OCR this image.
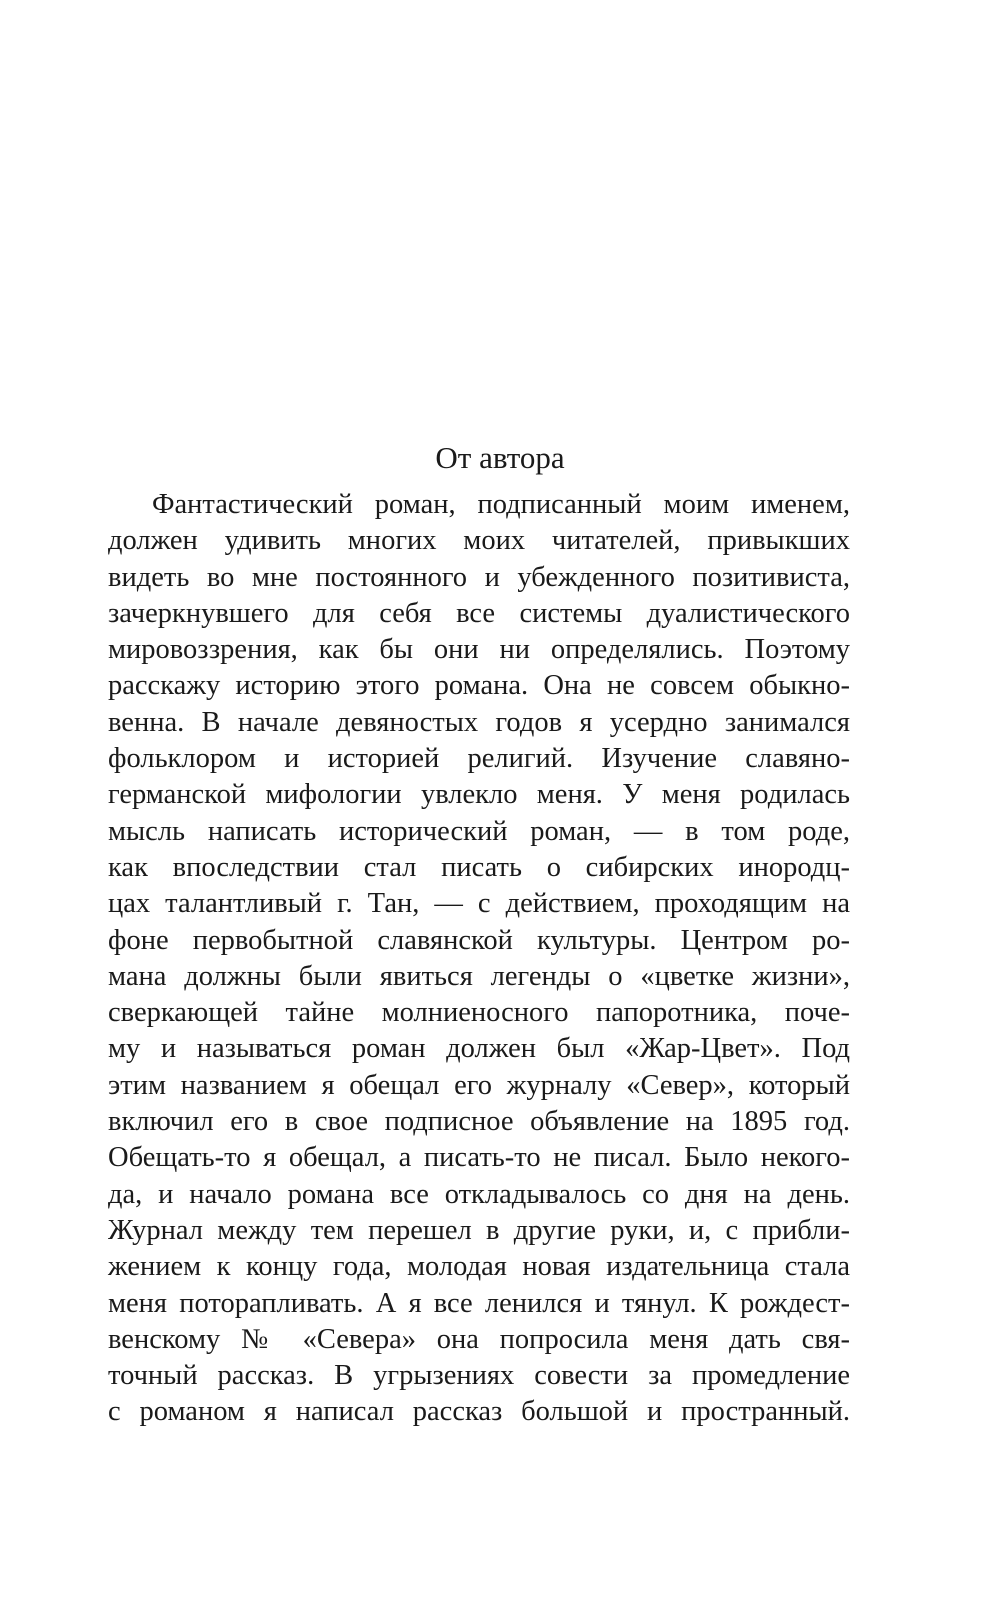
От автора
Фантастический роман, подписанный моим именем,
должен удивить многих моих читателей, привыкших
видеть во мне постоянного и убежденного позитивиста,
зачеркнувшего для себя все системы дуалистического
мировоззрения, как бы они ни определялись. Поэтому
расскажу историю этого романа. Она не совсем обыкно-
венна. В начале девяностых годов я усердно занимался
фольклором и историей религий. Изучение славяно-
германской мифологии увлекло меня. У меня родилась
мысль написать исторический роман, — в том роде,
как впоследствии стал писать о сибирских инородц-
цах талантливый г. Тан, — с действием, проходящим на
фоне первобытной славянской культуры. Центром ро-
мана должны были явиться легенды о «цветке жизни»,
сверкающей тайне молниеносного папоротника, поче-
му и называться роман должен был «Жар-Цвет». Под
этим названием я обещал его журналу «Север», который
включил его в свое подписное объявление на 1895 год.
Обещать-то я обещал, а писать-то не писал. Было некого-
да, и начало романа все откладывалось со дня на день.
Журнал между тем перешел в другие руки, и, с прибли-
жением к концу года, молодая новая издательница стала
меня поторапливать. А я все ленился и тянул. К рождест-
венскому № «Севера» она попросила меня дать свя-
точный рассказ. В угрызениях совести за промедление
с романом я написал рассказ большой и пространный.
